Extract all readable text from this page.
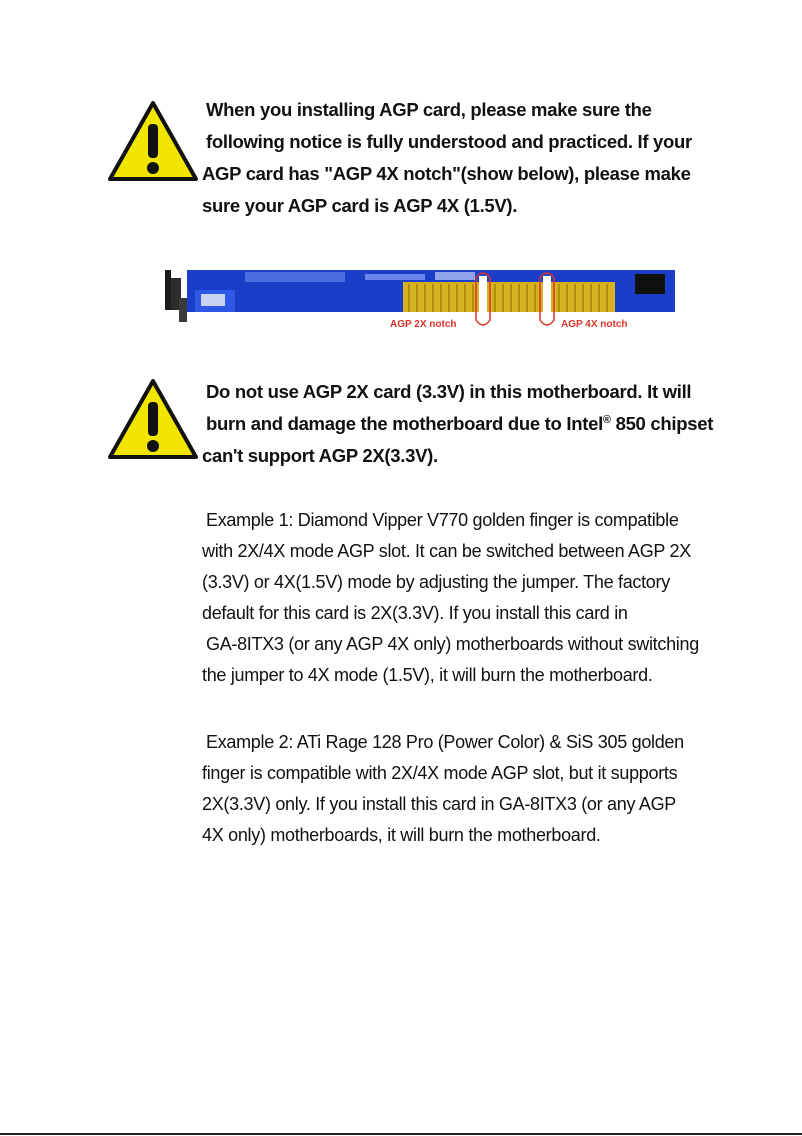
When you installing AGP card, please make sure the
following notice is fully understood and practiced. If your
AGP card has "AGP 4X notch"(show below), please make
sure your AGP card is AGP 4X (1.5V).
AGP 2X notch	AGP 4X notch
Do not use AGP 2X card (3.3V) in this motherboard. It will
burn and damage the motherboard due to Intel® 850 chipset
can't support AGP 2X(3.3V).
Example 1: Diamond Vipper V770 golden finger is compatible
with 2X/4X mode AGP slot. It can be switched between AGP 2X
(3.3V) or 4X(1.5V) mode by adjusting the jumper. The factory
default for this card is 2X(3.3V). If you install this card in
GA-8ITX3 (or any AGP 4X only) motherboards without switching
the jumper to 4X mode (1.5V), it will burn the motherboard.
Example 2: ATi Rage 128 Pro (Power Color) & SiS 305 golden
finger is compatible with 2X/4X mode AGP slot, but it supports
2X(3.3V) only. If you install this card in GA-8ITX3 (or any AGP
4X only) motherboards, it will burn the motherboard.
